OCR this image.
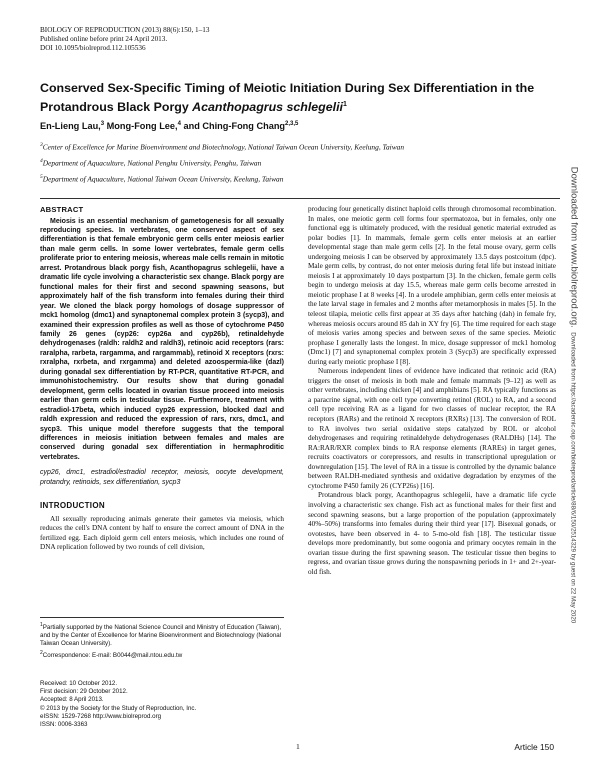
BIOLOGY OF REPRODUCTION (2013) 88(6):150, 1–13
Published online before print 24 April 2013.
DOI 10.1095/biolreprod.112.105536
Conserved Sex-Specific Timing of Meiotic Initiation During Sex Differentiation in the Protandrous Black Porgy Acanthopagrus schlegelii$^1$
En-Lieng Lau,$^3$ Mong-Fong Lee,$^4$ and Ching-Fong Chang$^{2,3,5}$

$^3$Center of Excellence for Marine Bioenvironment and Biotechnology, National Taiwan Ocean University, Keelung, Taiwan

$^4$Department of Aquaculture, National Penghu University, Penghu, Taiwan

$^5$Department of Aquaculture, National Taiwan Ocean University, Keelung, Taiwan

ABSTRACT
Meiosis is an essential mechanism of gametogenesis for all sexually reproducing species. In vertebrates, one conserved aspect of sex differentiation is that female embryonic germ cells enter meiosis earlier than male germ cells. In some lower vertebrates, female germ cells proliferate prior to entering meiosis, whereas male cells remain in mitotic arrest. Protandrous black porgy fish, Acanthopagrus schlegelii, have a dramatic life cycle involving a characteristic sex change. Black porgy are functional males for their first and second spawning seasons, but approximately half of the fish transform into females during their third year. We cloned the black porgy homologs of dosage suppressor of mck1 homolog (dmc1) and synaptonemal complex protein 3 (sycp3), and examined their expression profiles as well as those of cytochrome P450 family 26 genes (cyp26: cyp26a and cyp26b), retinaldehyde dehydrogenases (raldh: raldh2 and raldh3), retinoic acid receptors (rars: raralpha, rarbeta, rargamma, and rargammab), retinoid X receptors (rxrs: rxralpha, rxrbeta, and rxrgamma) and deleted azoospermia-like (dazl) during gonadal sex differentiation by RT-PCR, quantitative RT-PCR, and immunohistochemistry. Our results show that during gonadal development, germ cells located in ovarian tissue proceed into meiosis earlier than germ cells in testicular tissue. Furthermore, treatment with estradiol-17beta, which induced cyp26 expression, blocked dazl and raldh expression and reduced the expression of rars, rxrs, dmc1, and sycp3. This unique model therefore suggests that the temporal differences in meiosis initiation between females and males are conserved during gonadal sex differentiation in hermaphroditic vertebrates.
cyp26, dmc1, estradiol/estradiol receptor, meiosis, oocyte development, protandry, retinoids, sex differentiation, sycp3
INTRODUCTION

All sexually reproducing animals generate their gametes via meiosis, which reduces the cell's DNA content by half to ensure the correct amount of DNA in the fertilized egg. Each diploid germ cell enters meiosis, which includes one round of DNA replication followed by two rounds of cell division,

$^1$Partially supported by the National Science Council and Ministry of Education (Taiwan), and by the Center of Excellence for Marine Bioenvironment and Biotechnology (National Taiwan Ocean University).

$^2$Correspondence: E-mail: B0044@mail.ntou.edu.tw

Received: 10 October 2012.

First decision: 29 October 2012.

Accepted: 8 April 2013.

© 2013 by the Society for the Study of Reproduction, Inc.

eISSN: 1529-7268 http://www.biolreprod.org

ISSN: 0006-3363

producing four genetically distinct haploid cells through chromosomal recombination. In males, one meiotic germ cell forms four spermatozoa, but in females, only one functional egg is ultimately produced, with the residual genetic material extruded as polar bodies [1]. In mammals, female germ cells enter meiosis at an earlier developmental stage than male germ cells [2]. In the fetal mouse ovary, germ cells undergoing meiosis I can be observed by approximately 13.5 days postcoitum (dpc). Male germ cells, by contrast, do not enter meiosis during fetal life but instead initiate meiosis I at approximately 10 days postpartum [3]. In the chicken, female germ cells begin to undergo meiosis at day 15.5, whereas male germ cells become arrested in meiotic prophase I at 8 weeks [4]. In a urodele amphibian, germ cells enter meiosis at the late larval stage in females and 2 months after metamorphosis in males [5]. In the teleost tilapia, meiotic cells first appear at 35 days after hatching (dah) in female fry, whereas meiosis occurs around 85 dah in XY fry [6]. The time required for each stage of meiosis varies among species and between sexes of the same species. Meiotic prophase I generally lasts the longest. In mice, dosage suppressor of mck1 homolog (Dmc1) [7] and synaptonemal complex protein 3 (Sycp3) are specifically expressed during early meiotic prophase I [8].

Numerous independent lines of evidence have indicated that retinoic acid (RA) triggers the onset of meiosis in both male and female mammals [9–12] as well as other vertebrates, including chicken [4] and amphibians [5]. RA typically functions as a paracrine signal, with one cell type converting retinol (ROL) to RA, and a second cell type receiving RA as a ligand for two classes of nuclear receptor, the RA receptors (RARs) and the retinoid X receptors (RXRs) [13]. The conversion of ROL to RA involves two serial oxidative steps catalyzed by ROL or alcohol dehydrogenases and requiring retinaldehyde dehydrogenases (RALDHs) [14]. The RA:RAR/RXR complex binds to RA response elements (RAREs) in target genes, recruits coactivators or corepressors, and results in transcriptional upregulation or downregulation [15]. The level of RA in a tissue is controlled by the dynamic balance between RALDH-mediated synthesis and oxidative degradation by enzymes of the cytochrome P450 family 26 (CYP26s) [16].

Protandrous black porgy, Acanthopagrus schlegelii, have a dramatic life cycle involving a characteristic sex change. Fish act as functional males for their first and second spawning seasons, but a large proportion of the population (approximately 40%–50%) transforms into females during their third year [17]. Bisexual gonads, or ovotestes, have been observed in 4- to 5-mo-old fish [18]. The testicular tissue develops more predominantly, but some oogonia and primary oocytes remain in the ovarian tissue during the first spawning season. The testicular tissue then begins to regress, and ovarian tissue grows during the nonspawning periods in 1+ and 2+-year-old fish.

Downloaded from www.biolreprod.org. Downloaded from https://academic.oup.com/biolreprod/article/88/6/150/2514329 by guest on 22 May 2020
1	Article 150
